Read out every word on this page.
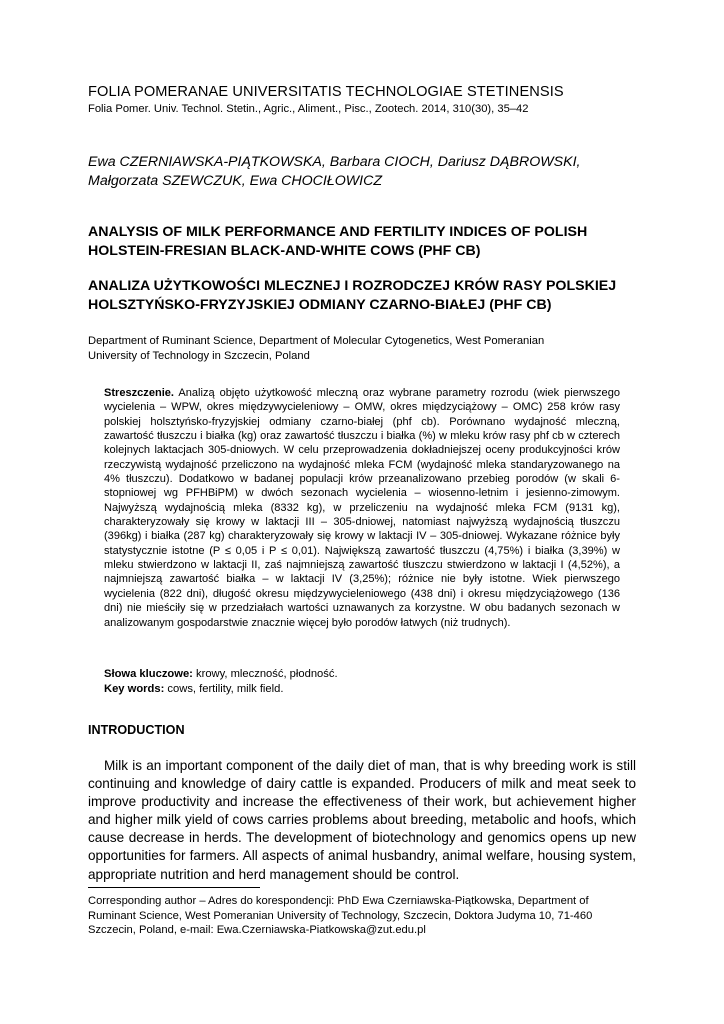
FOLIA POMERANAE UNIVERSITATIS TECHNOLOGIAE STETINENSIS
Folia Pomer. Univ. Technol. Stetin., Agric., Aliment., Pisc., Zootech. 2014, 310(30), 35–42
Ewa CZERNIAWSKA-PIĄTKOWSKA, Barbara CIOCH, Dariusz DĄBROWSKI,
Małgorzata SZEWCZUK, Ewa CHOCIŁOWICZ
ANALYSIS OF MILK PERFORMANCE AND FERTILITY INDICES OF POLISH
HOLSTEIN-FRESIAN BLACK-AND-WHITE COWS (PHF CB)
ANALIZA UŻYTKOWOŚCI MLECZNEJ I ROZRODCZEJ KRÓW RASY POLSKIEJ
HOLSZTYŃSKO-FRYZYJSKIEJ ODMIANY CZARNO-BIAŁEJ (PHF CB)
Department of Ruminant Science, Department of Molecular Cytogenetics, West Pomeranian
University of Technology in Szczecin, Poland
Streszczenie. Analizą objęto użytkowość mleczną oraz wybrane parametry rozrodu (wiek pierwszego wycielenia – WPW, okres międzywycieleniowy – OMW, okres międzyciążowy – OMC) 258 krów rasy polskiej holsztyńsko-fryzyjskiej odmiany czarno-białej (phf cb). Porównano wydajność mleczną, zawartość tłuszczu i białka (kg) oraz zawartość tłuszczu i białka (%) w mleku krów rasy phf cb w czterech kolejnych laktacjach 305-dniowych. W celu przeprowadzenia dokładniejszej oceny produkcyjności krów rzeczywistą wydajność przeliczono na wydajność mleka FCM (wydajność mleka standaryzowanego na 4% tłuszczu). Dodatkowo w badanej populacji krów przeanalizowano przebieg porodów (w skali 6-stopniowej wg PFHBiPM) w dwóch sezonach wycielenia – wiosenno-letnim i jesienno-zimowym. Najwyższą wydajnością mleka (8332 kg), w przeliczeniu na wydajność mleka FCM (9131 kg), charakteryzowały się krowy w laktacji III – 305-dniowej, natomiast najwyższą wydajnością tłuszczu (396kg) i białka (287 kg) charakteryzowały się krowy w laktacji IV – 305-dniowej. Wykazane różnice były statystycznie istotne (P ≤ 0,05 i P ≤ 0,01). Największą zawartość tłuszczu (4,75%) i białka (3,39%) w mleku stwierdzono w laktacji II, zaś najmniejszą zawartość tłuszczu stwierdzono w laktacji I (4,52%), a najmniejszą zawartość białka – w laktacji IV (3,25%); różnice nie były istotne. Wiek pierwszego wycielenia (822 dni), długość okresu międzywycieleniowego (438 dni) i okresu międzyciążowego (136 dni) nie mieściły się w przedziałach wartości uznawanych za korzystne. W obu badanych sezonach w analizowanym gospodarstwie znacznie więcej było porodów łatwych (niż trudnych).
Słowa kluczowe: krowy, mleczność, płodność.
Key words: cows, fertility, milk field.
INTRODUCTION
Milk is an important component of the daily diet of man, that is why breeding work is still continuing and knowledge of dairy cattle is expanded. Producers of milk and meat seek to improve productivity and increase the effectiveness of their work, but achievement higher and higher milk yield of cows carries problems about breeding, metabolic and hoofs, which cause decrease in herds. The development of biotechnology and genomics opens up new opportunities for farmers. All aspects of animal husbandry, animal welfare, housing system, appropriate nutrition and herd management should be control.
Corresponding author – Adres do korespondencji: PhD Ewa Czerniawska-Piątkowska, Department of
Ruminant Science, West Pomeranian University of Technology, Szczecin, Doktora Judyma 10, 71-460
Szczecin, Poland, e-mail: Ewa.Czerniawska-Piatkowska@zut.edu.pl
